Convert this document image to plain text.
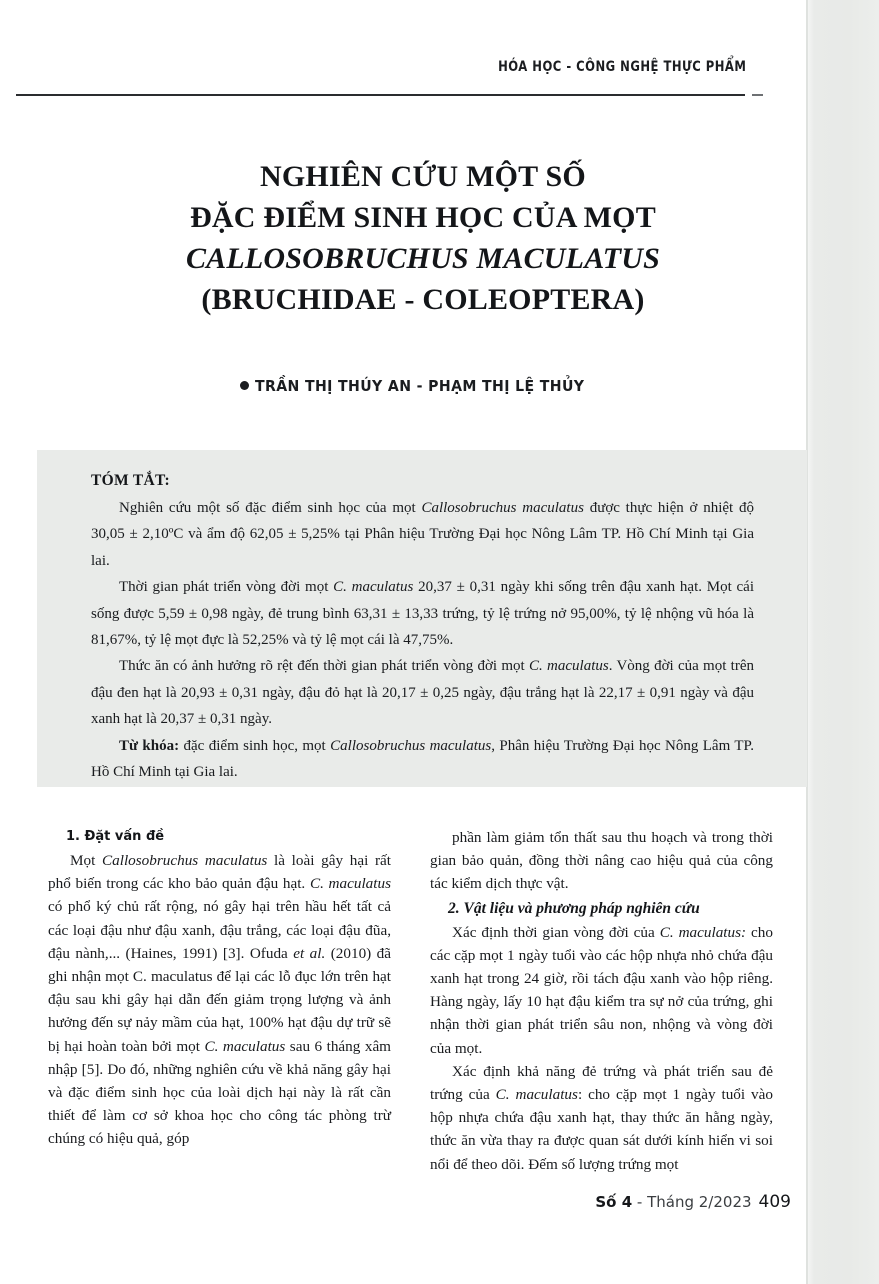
HÓA HỌC - CÔNG NGHỆ THỰC PHẨM
NGHIÊN CỨU MỘT SỐ
ĐẶC ĐIỂM SINH HỌC CỦA MỌT
CALLOSOBRUCHUS MACULATUS
(BRUCHIDAE - COLEOPTERA)
TRẦN THỊ THÚY AN - PHẠM THỊ LỆ THỦY
TÓM TẮT:

Nghiên cứu một số đặc điểm sinh học của mọt Callosobruchus maculatus được thực hiện ở nhiệt độ 30,05 ± 2,10ºC và ẩm độ 62,05 ± 5,25% tại Phân hiệu Trường Đại học Nông Lâm TP. Hồ Chí Minh tại Gia lai.

Thời gian phát triển vòng đời mọt C. maculatus 20,37 ± 0,31 ngày khi sống trên đậu xanh hạt. Mọt cái sống được 5,59 ± 0,98 ngày, đẻ trung bình 63,31 ± 13,33 trứng, tỷ lệ trứng nở 95,00%, tỷ lệ nhộng vũ hóa là 81,67%, tỷ lệ mọt đực là 52,25% và tỷ lệ mọt cái là 47,75%.

Thức ăn có ảnh hưởng rõ rệt đến thời gian phát triển vòng đời mọt C. maculatus. Vòng đời của mọt trên đậu đen hạt là 20,93 ± 0,31 ngày, đậu đỏ hạt là 20,17 ± 0,25 ngày, đậu trắng hạt là 22,17 ± 0,91 ngày và đậu xanh hạt là 20,37 ± 0,31 ngày.

Từ khóa: đặc điểm sinh học, mọt Callosobruchus maculatus, Phân hiệu Trường Đại học Nông Lâm TP. Hồ Chí Minh tại Gia lai.

1. Đặt vấn đề

Mọt Callosobruchus maculatus là loài gây hại rất phổ biến trong các kho bảo quản đậu hạt. C. maculatus có phổ ký chủ rất rộng, nó gây hại trên hầu hết tất cả các loại đậu như đậu xanh, đậu trắng, các loại đậu đũa, đậu nành,... (Haines, 1991) [3]. Ofuda et al. (2010) đã ghi nhận mọt C. maculatus để lại các lỗ đục lớn trên hạt đậu sau khi gây hại dẫn đến giảm trọng lượng và ảnh hưởng đến sự nảy mầm của hạt, 100% hạt đậu dự trữ sẽ bị hại hoàn toàn bởi mọt C. maculatus sau 6 tháng xâm nhập [5]. Do đó, những nghiên cứu về khả năng gây hại và đặc điểm sinh học của loài dịch hại này là rất cần thiết để làm cơ sở khoa học cho công tác phòng trừ chúng có hiệu quả, góp

phần làm giảm tổn thất sau thu hoạch và trong thời gian bảo quản, đồng thời nâng cao hiệu quả của công tác kiểm dịch thực vật.

2. Vật liệu và phương pháp nghiên cứu

Xác định thời gian vòng đời của C. maculatus: cho các cặp mọt 1 ngày tuổi vào các hộp nhựa nhỏ chứa đậu xanh hạt trong 24 giờ, rồi tách đậu xanh vào hộp riêng. Hàng ngày, lấy 10 hạt đậu kiểm tra sự nở của trứng, ghi nhận thời gian phát triển sâu non, nhộng và vòng đời của mọt.

Xác định khả năng đẻ trứng và phát triển sau đẻ trứng của C. maculatus: cho cặp mọt 1 ngày tuổi vào hộp nhựa chứa đậu xanh hạt, thay thức ăn hằng ngày, thức ăn vừa thay ra được quan sát dưới kính hiển vi soi nổi để theo dõi. Đếm số lượng trứng mọt

Số 4 - Tháng 2/2023 409
